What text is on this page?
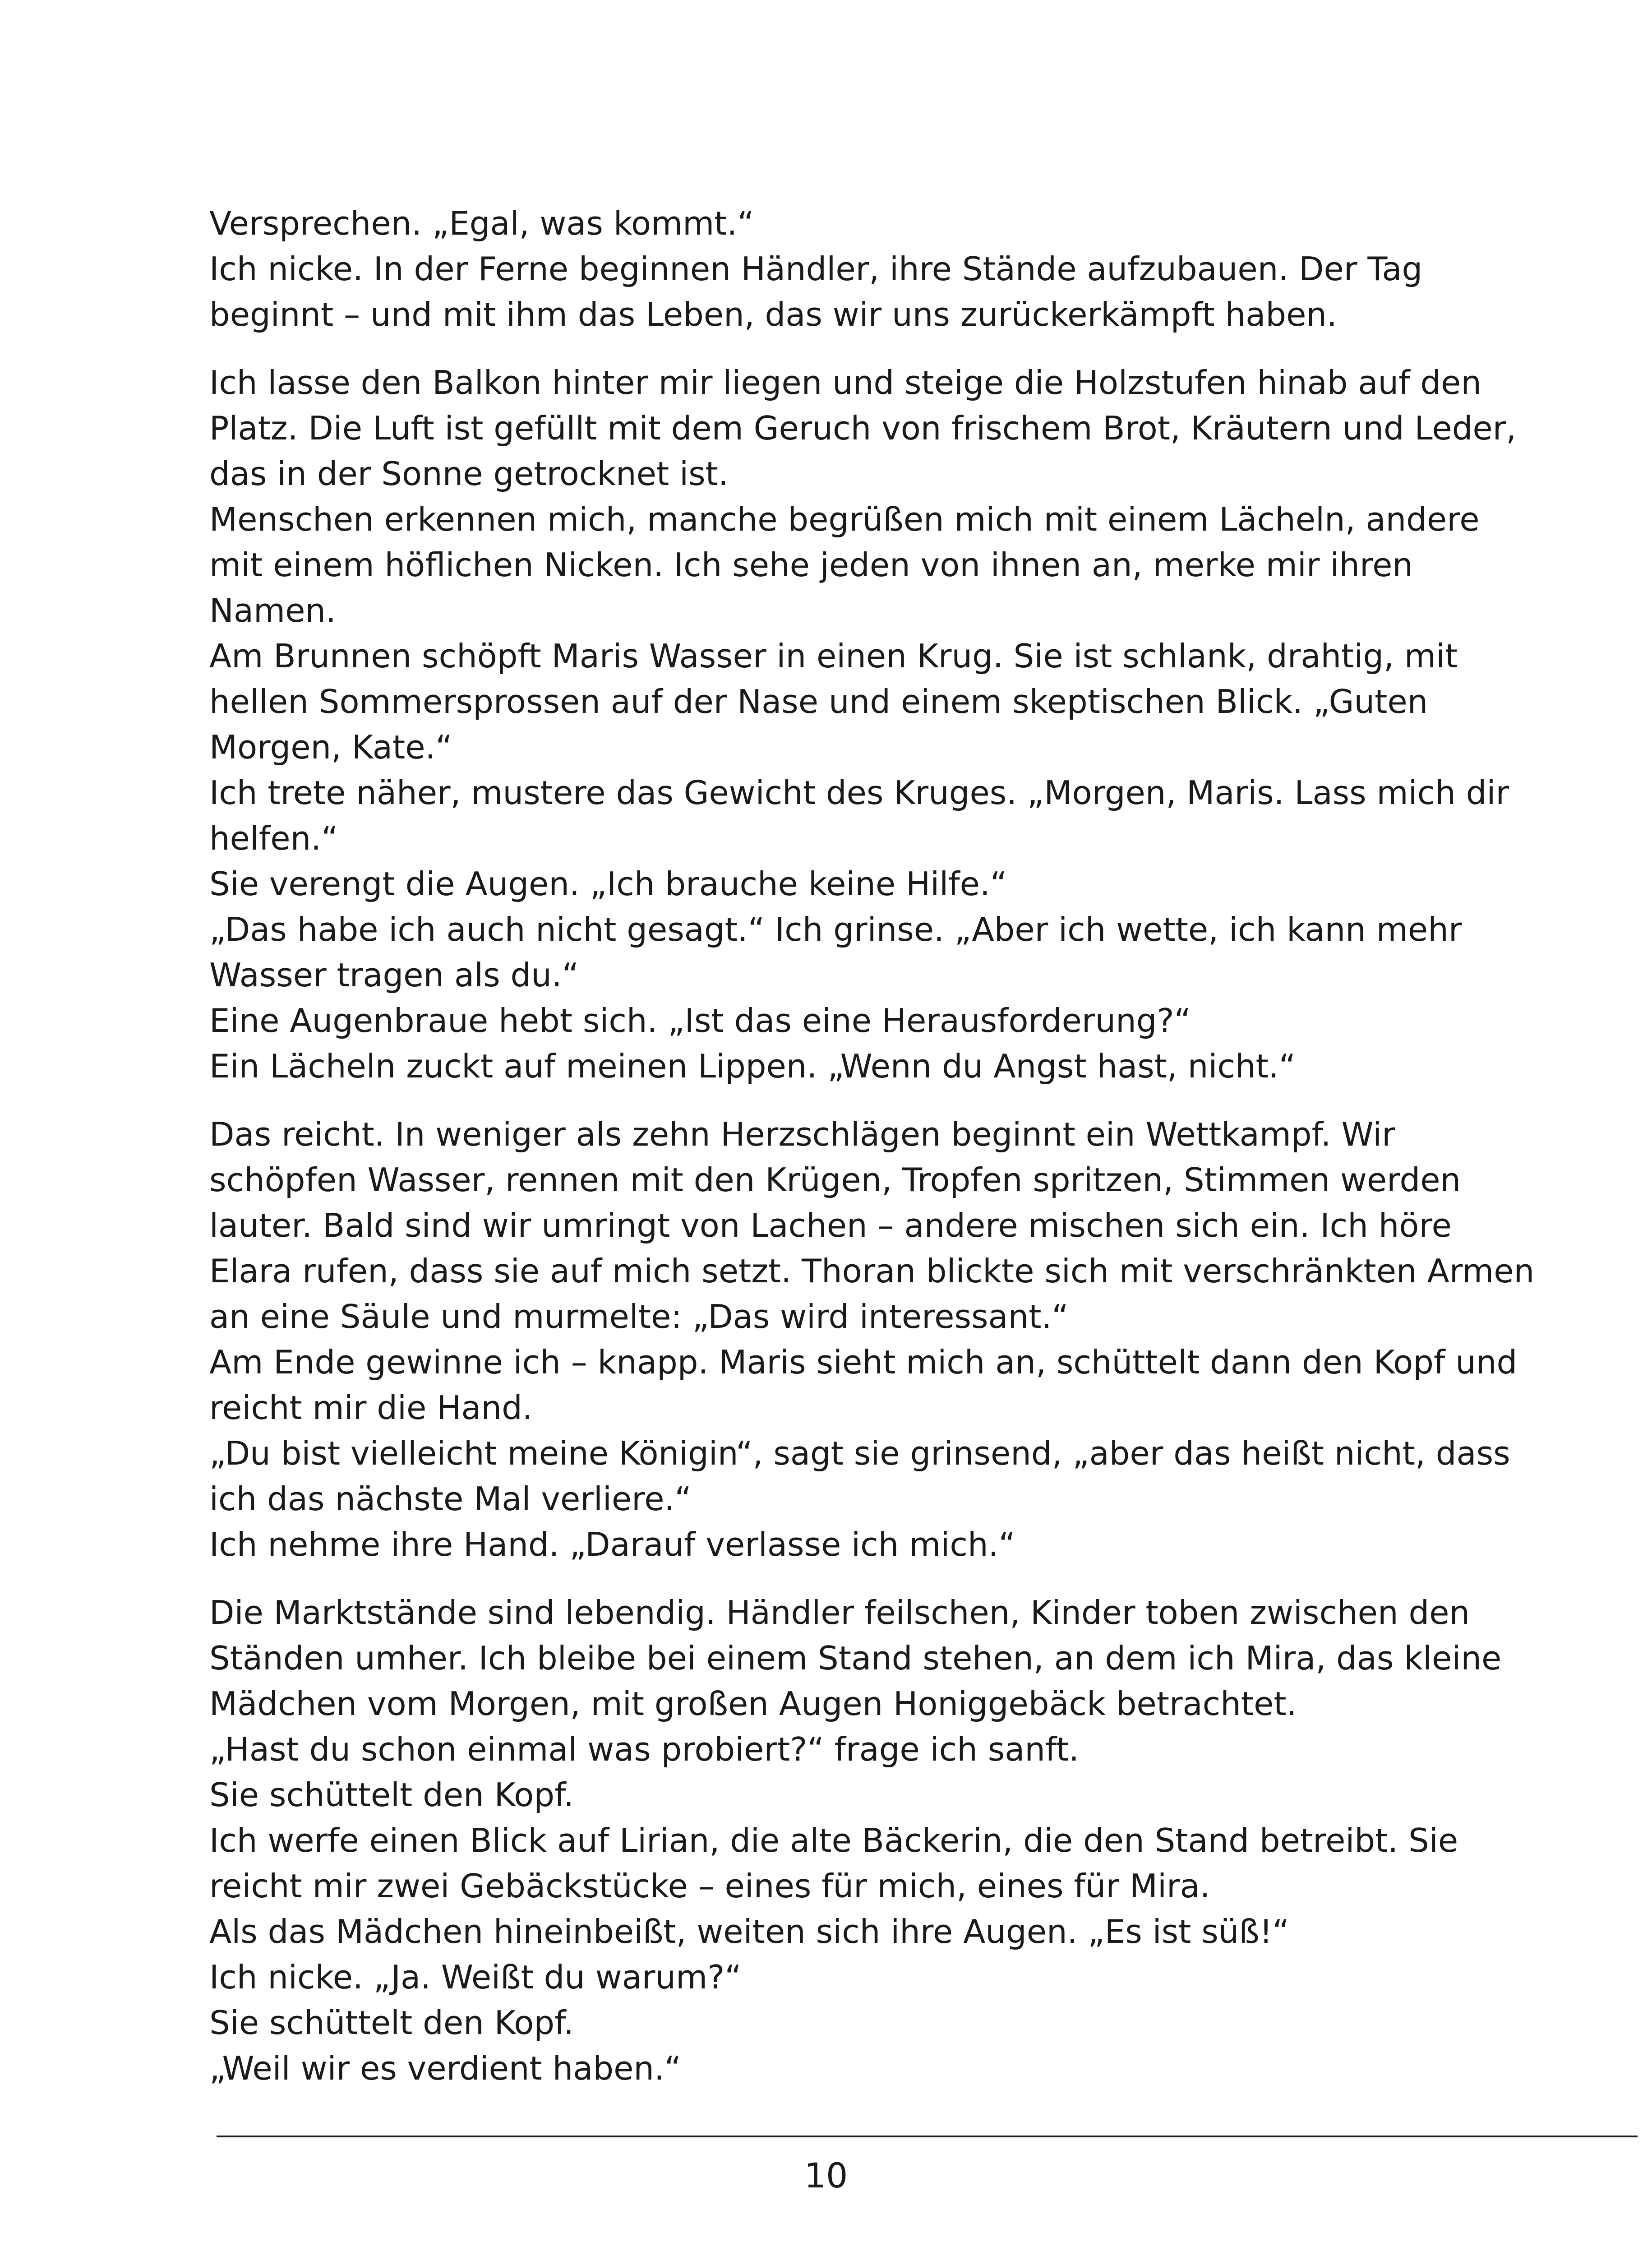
Versprechen. „Egal, was kommt.“
Ich nicke. In der Ferne beginnen Händler, ihre Stände aufzubauen. Der Tag
beginnt – und mit ihm das Leben, das wir uns zurückerkämpft haben.
Ich lasse den Balkon hinter mir liegen und steige die Holzstufen hinab auf den
Platz. Die Luft ist gefüllt mit dem Geruch von frischem Brot, Kräutern und Leder,
das in der Sonne getrocknet ist.
Menschen erkennen mich, manche begrüßen mich mit einem Lächeln, andere
mit einem höflichen Nicken. Ich sehe jeden von ihnen an, merke mir ihren
Namen.
Am Brunnen schöpft Maris Wasser in einen Krug. Sie ist schlank, drahtig, mit
hellen Sommersprossen auf der Nase und einem skeptischen Blick. „Guten
Morgen, Kate.“
Ich trete näher, mustere das Gewicht des Kruges. „Morgen, Maris. Lass mich dir
helfen.“
Sie verengt die Augen. „Ich brauche keine Hilfe.“
„Das habe ich auch nicht gesagt.“ Ich grinse. „Aber ich wette, ich kann mehr
Wasser tragen als du.“
Eine Augenbraue hebt sich. „Ist das eine Herausforderung?“
Ein Lächeln zuckt auf meinen Lippen. „Wenn du Angst hast, nicht.“
Das reicht. In weniger als zehn Herzschlägen beginnt ein Wettkampf. Wir
schöpfen Wasser, rennen mit den Krügen, Tropfen spritzen, Stimmen werden
lauter. Bald sind wir umringt von Lachen – andere mischen sich ein. Ich höre
Elara rufen, dass sie auf mich setzt. Thoran blickte sich mit verschränkten Armen
an eine Säule und murmelte: „Das wird interessant.“
Am Ende gewinne ich – knapp. Maris sieht mich an, schüttelt dann den Kopf und
reicht mir die Hand.
„Du bist vielleicht meine Königin“, sagt sie grinsend, „aber das heißt nicht, dass
ich das nächste Mal verliere.“
Ich nehme ihre Hand. „Darauf verlasse ich mich.“
Die Marktstände sind lebendig. Händler feilschen, Kinder toben zwischen den
Ständen umher. Ich bleibe bei einem Stand stehen, an dem ich Mira, das kleine
Mädchen vom Morgen, mit großen Augen Honiggebäck betrachtet.
„Hast du schon einmal was probiert?“ frage ich sanft.
Sie schüttelt den Kopf.
Ich werfe einen Blick auf Lirian, die alte Bäckerin, die den Stand betreibt. Sie
reicht mir zwei Gebäckstücke – eines für mich, eines für Mira.
Als das Mädchen hineinbeißt, weiten sich ihre Augen. „Es ist süß!“
Ich nicke. „Ja. Weißt du warum?“
Sie schüttelt den Kopf.
„Weil wir es verdient haben.“
10
